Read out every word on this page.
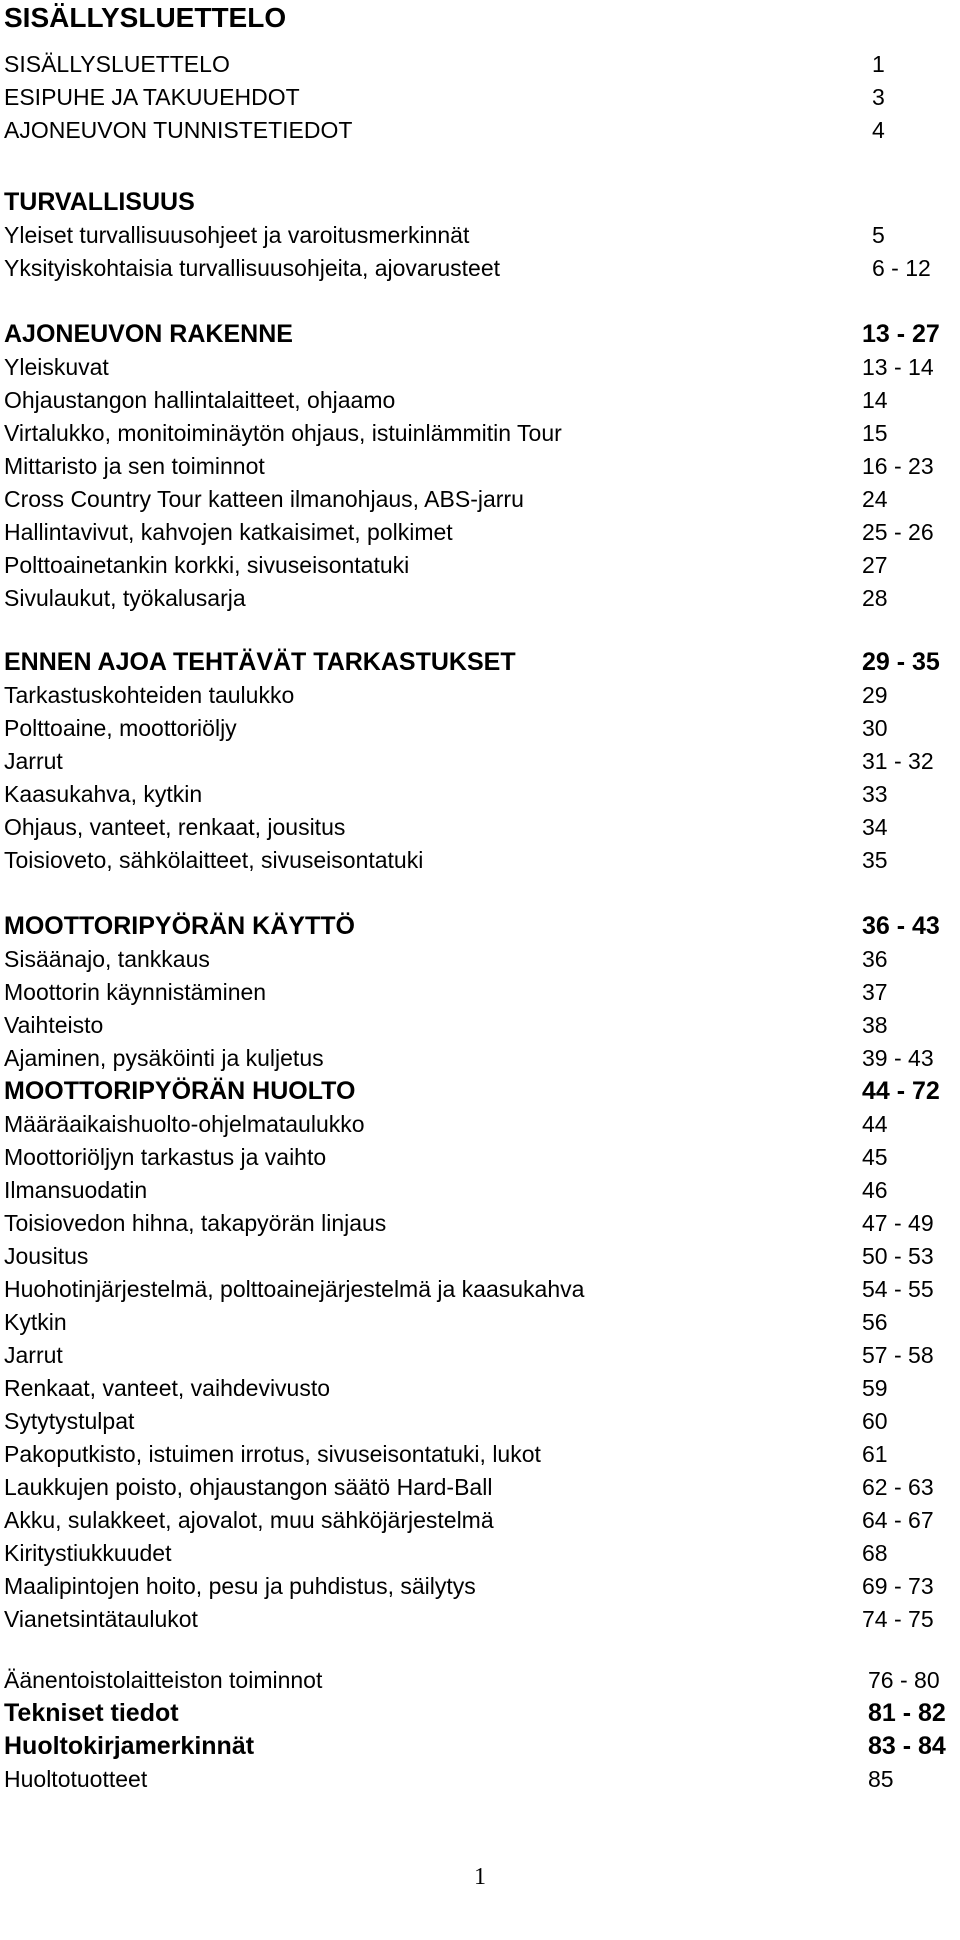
SISÄLLYSLUETTELO
SISÄLLYSLUETTELO	1
ESIPUHE JA TAKUUEHDOT	3
AJONEUVON TUNNISTETIEDOT	4
TURVALLISUUS
Yleiset turvallisuusohjeet ja varoitusmerkinnät	5
Yksityiskohtaisia turvallisuusohjeita, ajovarusteet	6 - 12
AJONEUVON RAKENNE	13 - 27
Yleiskuvat	13 - 14
Ohjaustangon hallintalaitteet, ohjaamo	14
Virtalukko, monitoiminäytön ohjaus, istuinlämmitin Tour	15
Mittaristo ja sen toiminnot	16 - 23
Cross Country Tour katteen ilmanohjaus, ABS-jarru	24
Hallintavivut, kahvojen katkaisimet, polkimet	25 - 26
Polttoainetankin korkki, sivuseisontatuki	27
Sivulaukut, työkalusarja	28
ENNEN AJOA TEHTÄVÄT TARKASTUKSET	29 - 35
Tarkastuskohteiden taulukko	29
Polttoaine, moottoriöljy	30
Jarrut	31 - 32
Kaasukahva, kytkin	33
Ohjaus, vanteet, renkaat, jousitus	34
Toisioveto, sähkölaitteet, sivuseisontatuki	35
MOOTTORIPYÖRÄN KÄYTTÖ	36 - 43
Sisäänajo, tankkaus	36
Moottorin käynnistäminen	37
Vaihteisto	38
Ajaminen, pysäköinti ja kuljetus	39 - 43
MOOTTORIPYÖRÄN HUOLTO	44 - 72
Määräaikaishuolto-ohjelmataulukko	44
Moottoriöljyn tarkastus ja vaihto	45
Ilmansuodatin	46
Toisiovedon hihna, takapyörän linjaus	47 - 49
Jousitus	50 - 53
Huohotinjärjestelmä, polttoainejärjestelmä ja kaasukahva	54 - 55
Kytkin	56
Jarrut	57 - 58
Renkaat, vanteet, vaihdevivusto	59
Sytytystulpat	60
Pakoputkisto, istuimen irrotus, sivuseisontatuki, lukot	61
Laukkujen poisto, ohjaustangon säätö Hard-Ball	62 - 63
Akku, sulakkeet, ajovalot, muu sähköjärjestelmä	64 - 67
Kiritystiukkuudet	68
Maalipintojen hoito, pesu ja puhdistus, säilytys	69 - 73
Vianetsintätaulukot	74 - 75
Äänentoistolaitteiston toiminnot	76 - 80
Tekniset tiedot	81 - 82
Huoltokirjamerkinnät	83 - 84
Huoltotuotteet	85
1
